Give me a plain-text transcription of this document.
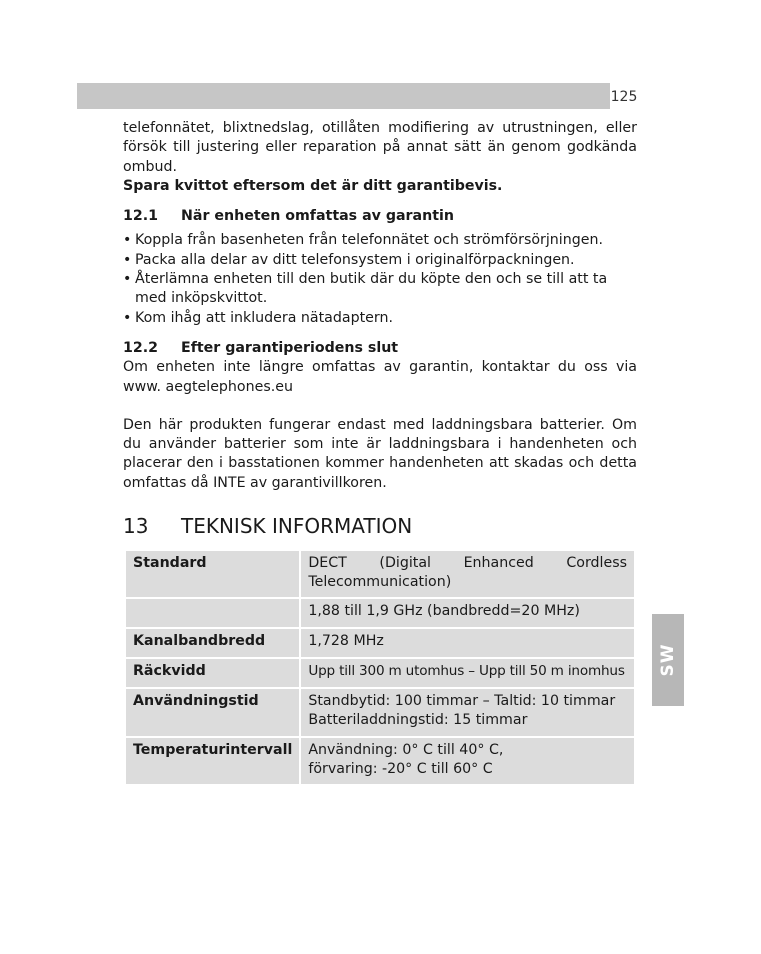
125
SW

telefonnätet, blixtnedslag, otillåten modifiering av utrustningen, eller försök till justering eller reparation på annat sätt än genom godkända ombud.

Spara kvittot eftersom det är ditt garantibevis.

12.1	När enheten omfattas av garantin
• Koppla från basenheten från telefonnätet och strömförsörjningen.
• Packa alla delar av ditt telefonsystem i originalförpackningen.
• Återlämna enheten till den butik där du köpte den och se till att ta med inköpskvittot.
• Kom ihåg att inkludera nätadaptern.
12.2	Efter garantiperiodens slut

Om enheten inte längre omfattas av garantin, kontaktar du oss via www. aegtelephones.eu

Den här produkten fungerar endast med laddningsbara batterier. Om du använder batterier som inte är laddningsbara i handenheten och placerar den i basstationen kommer handenheten att skadas och detta omfattas då INTE av garantivillkoren.

13	TEKNISK INFORMATION
Standard	DECT (Digital Enhanced Cordless Telecommunication)
	1,88 till 1,9 GHz (bandbredd=20 MHz)
Kanalbandbredd	1,728 MHz
Räckvidd	Upp till 300 m utomhus – Upp till 50 m inomhus
Användningstid	Standbytid: 100 timmar – Taltid: 10 timmar
Batteriladdningstid: 15 timmar

Temperaturintervall	Användning: 0° C till 40° C,
förvaring: -20° C till 60° C
